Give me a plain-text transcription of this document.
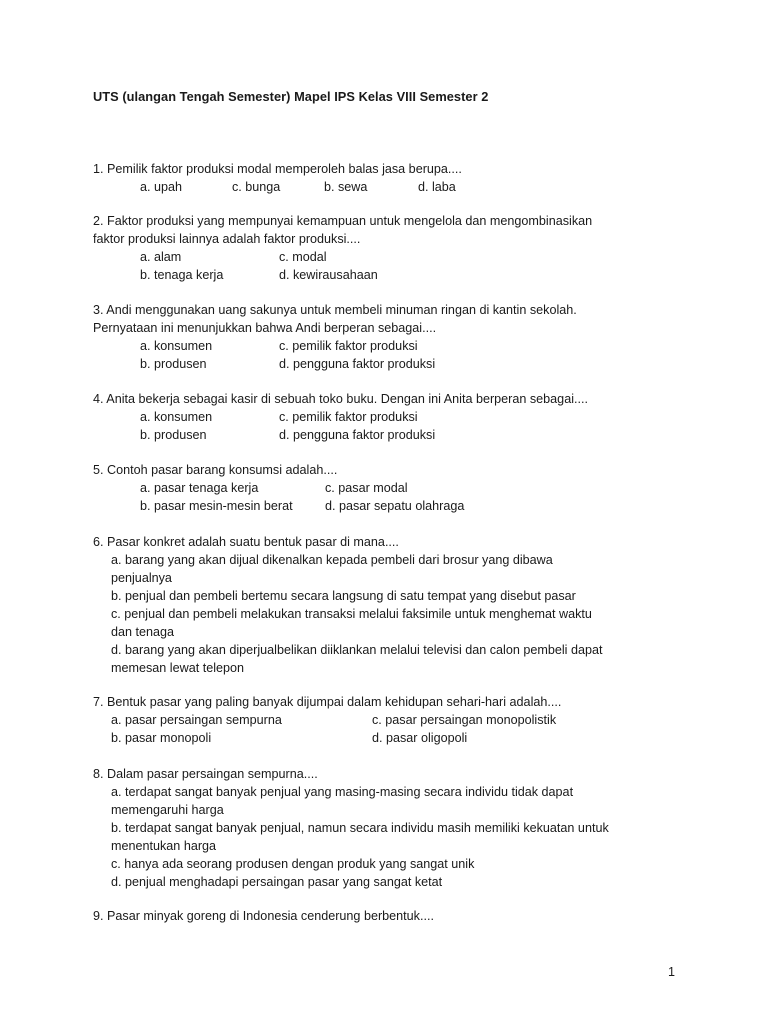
UTS (ulangan Tengah Semester) Mapel IPS Kelas VIII Semester 2

1. Pemilik faktor produksi modal memperoleh balas jasa berupa....

a. upah	c. bunga	b. sewa	d. laba

2. Faktor produksi yang mempunyai kemampuan untuk mengelola dan mengombinasikan

faktor produksi lainnya adalah faktor produksi....

a. alam	c. modal
b. tenaga kerja	d. kewirausahaan

3. Andi menggunakan uang sakunya untuk membeli minuman ringan di kantin sekolah.

Pernyataan ini menunjukkan bahwa Andi berperan sebagai....

a. konsumen	c. pemilik faktor produksi
b. produsen	d. pengguna faktor produksi

4. Anita bekerja sebagai kasir di sebuah toko buku. Dengan ini Anita berperan sebagai....

a. konsumen	c. pemilik faktor produksi
b. produsen	d. pengguna faktor produksi

5. Contoh pasar barang konsumsi adalah....

a. pasar tenaga kerja	c. pasar modal
b. pasar mesin-mesin berat	d. pasar sepatu olahraga

6. Pasar konkret adalah suatu bentuk pasar di mana....

a. barang yang akan dijual dikenalkan kepada pembeli dari brosur yang dibawa

penjualnya

b. penjual dan pembeli bertemu secara langsung di satu tempat yang disebut pasar

c. penjual dan pembeli melakukan transaksi melalui faksimile untuk menghemat waktu

dan tenaga

d. barang yang akan diperjualbelikan diiklankan melalui televisi dan calon pembeli dapat

memesan lewat telepon

7. Bentuk pasar yang paling banyak dijumpai dalam kehidupan sehari-hari adalah....

a. pasar persaingan sempurna	c. pasar persaingan monopolistik
b. pasar monopoli	d. pasar oligopoli

8. Dalam pasar persaingan sempurna....

a. terdapat sangat banyak penjual yang masing-masing secara individu tidak dapat

memengaruhi harga

b. terdapat sangat banyak penjual, namun secara individu masih memiliki kekuatan untuk

menentukan harga

c. hanya ada seorang produsen dengan produk yang sangat unik

d. penjual menghadapi persaingan pasar yang sangat ketat

9. Pasar minyak goreng di Indonesia cenderung berbentuk....

1
